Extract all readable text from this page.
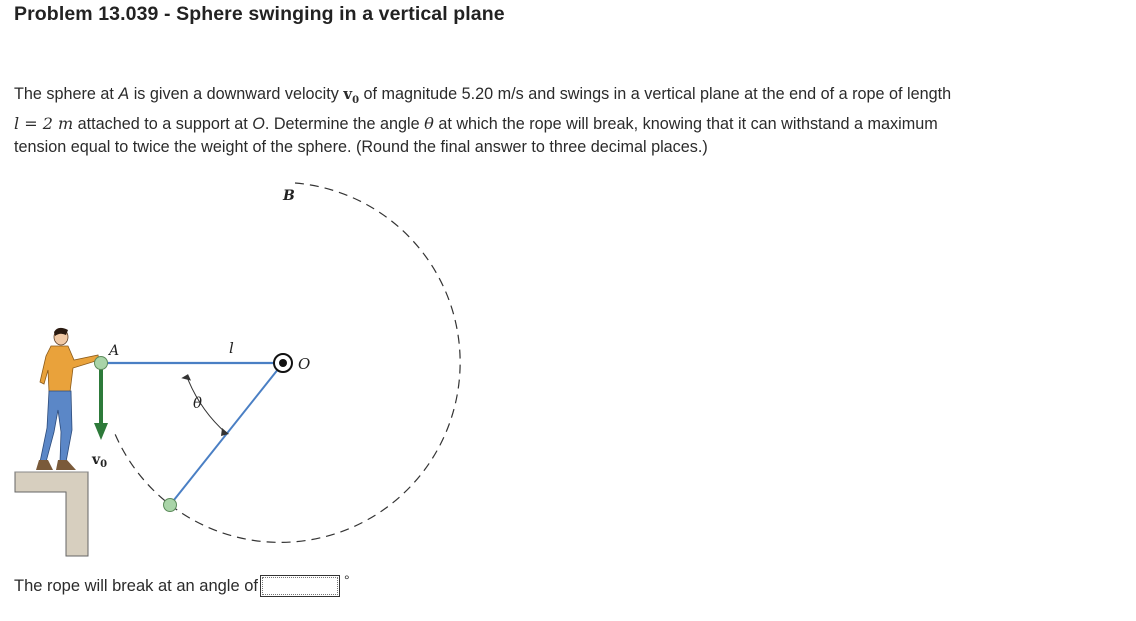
Problem 13.039 - Sphere swinging in a vertical plane
The sphere at A is given a downward velocity $v_0$ of magnitude 5.20 m/s and swings in a vertical plane at the end of a rope of length
l = 2 m attached to a support at O. Determine the angle θ at which the rope will break, knowing that it can withstand a maximum
tension equal to twice the weight of the sphere. (Round the final answer to three decimal places.)
B
A	l
O
θ
$v_0$
The rope will break at an angle of	°
